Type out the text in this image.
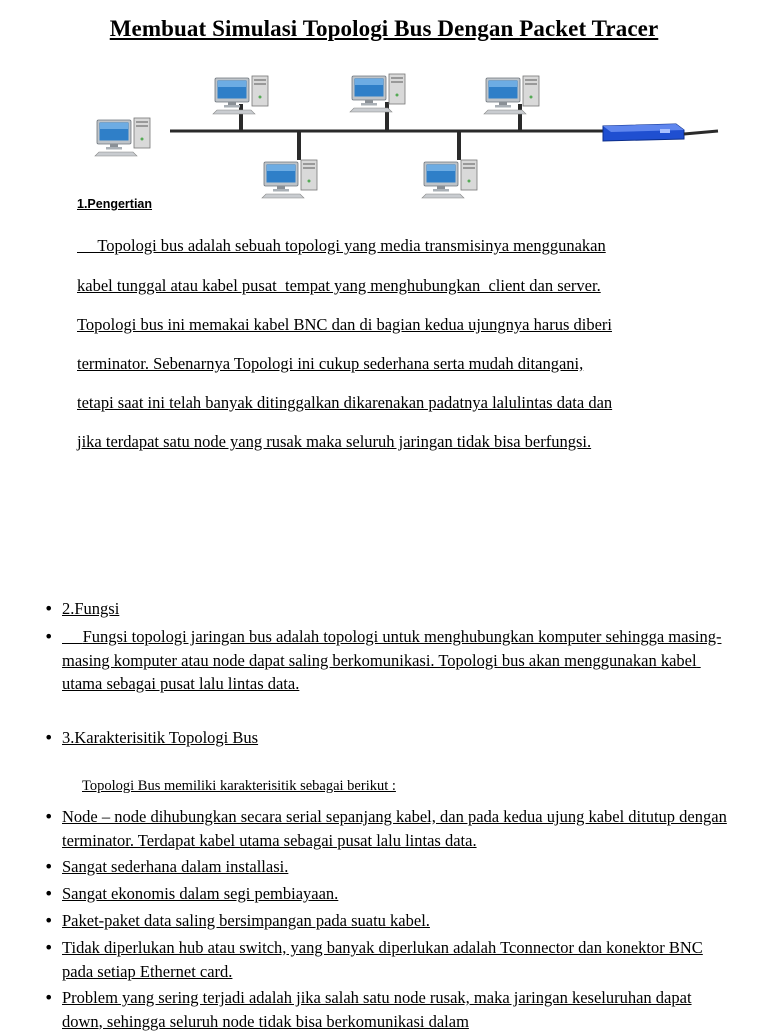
Membuat Simulasi Topologi Bus Dengan Packet Tracer
1.Pengertian
Topologi bus adalah sebuah topologi yang media transmisinya menggunakan
kabel tunggal atau kabel pusat  tempat yang menghubungkan  client dan server.
Topologi bus ini memakai kabel BNC dan di bagian kedua ujungnya harus diberi
terminator. Sebenarnya Topologi ini cukup sederhana serta mudah ditangani,
tetapi saat ini telah banyak ditinggalkan dikarenakan padatnya lalulintas data dan
jika terdapat satu node yang rusak maka seluruh jaringan tidak bisa berfungsi.
• 2.Fungsi
• Fungsi topologi jaringan bus adalah topologi untuk menghubungkan komputer sehingga masing-masing komputer atau node dapat saling berkomunikasi. Topologi bus akan menggunakan kabel utama sebagai pusat lalu lintas data.
• 3.Karakterisitik Topologi Bus
Topologi Bus memiliki karakterisitik sebagai berikut :
• Node – node dihubungkan secara serial sepanjang kabel, dan pada kedua ujung kabel ditutup dengan terminator. Terdapat kabel utama sebagai pusat lalu lintas data.
• Sangat sederhana dalam installasi.
• Sangat ekonomis dalam segi pembiayaan.
• Paket-paket data saling bersimpangan pada suatu kabel.
• Tidak diperlukan hub atau switch, yang banyak diperlukan adalah Tconnector dan konektor BNC pada setiap Ethernet card.
• Problem yang sering terjadi adalah jika salah satu node rusak, maka jaringan keseluruhan dapat down, sehingga seluruh node tidak bisa berkomunikasi dalam
